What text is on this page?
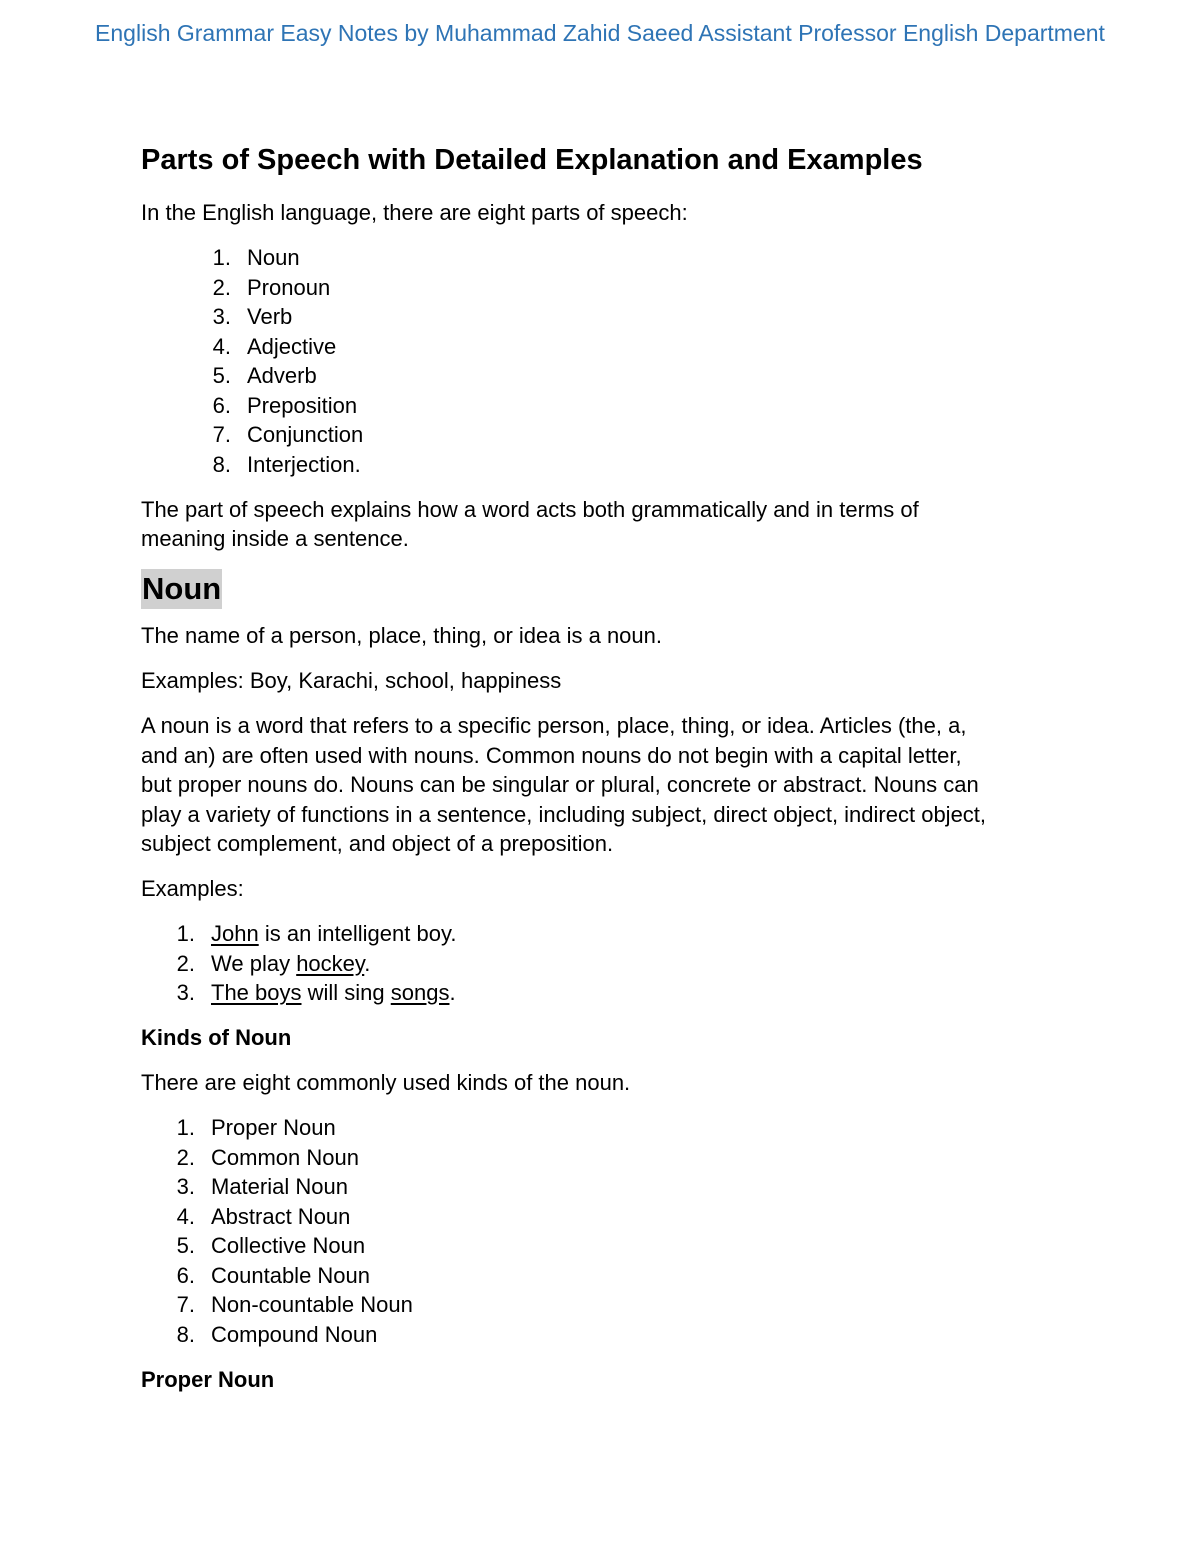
English Grammar Easy Notes by Muhammad Zahid Saeed Assistant Professor English Department
Parts of Speech with Detailed Explanation and Examples

In the English language, there are eight parts of speech:

1. Noun
2. Pronoun
3. Verb
4. Adjective
5. Adverb
6. Preposition
7. Conjunction
8. Interjection.

The part of speech explains how a word acts both grammatically and in terms of
meaning inside a sentence.

Noun

The name of a person, place, thing, or idea is a noun.

Examples: Boy, Karachi, school, happiness

A noun is a word that refers to a specific person, place, thing, or idea. Articles (the, a,
and an) are often used with nouns. Common nouns do not begin with a capital letter,
but proper nouns do. Nouns can be singular or plural, concrete or abstract. Nouns can
play a variety of functions in a sentence, including subject, direct object, indirect object,
subject complement, and object of a preposition.

Examples:

1. John is an intelligent boy.
2. We play hockey.
3. The boys will sing songs.
Kinds of Noun

There are eight commonly used kinds of the noun.

1. Proper Noun
2. Common Noun
3. Material Noun
4. Abstract Noun
5. Collective Noun
6. Countable Noun
7. Non-countable Noun
8. Compound Noun
Proper Noun
